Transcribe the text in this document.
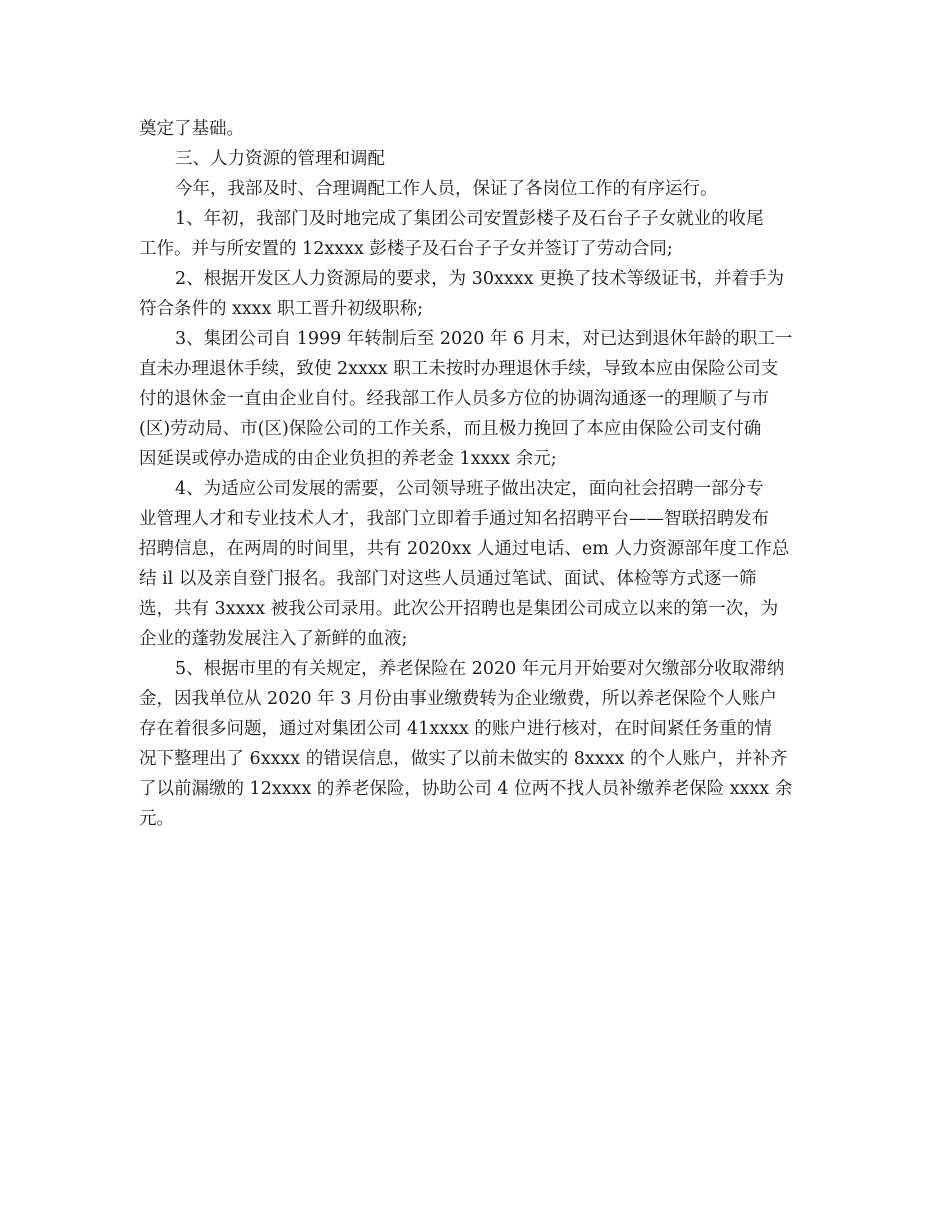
奠定了基础。
三、人力资源的管理和调配
今年，我部及时、合理调配工作人员，保证了各岗位工作的有序运行。
1、年初，我部门及时地完成了集团公司安置彭楼子及石台子子女就业的收尾
工作。并与所安置的 12xxxx 彭楼子及石台子子女并签订了劳动合同;
2、根据开发区人力资源局的要求，为 30xxxx 更换了技术等级证书，并着手为
符合条件的 xxxx 职工晋升初级职称;
3、集团公司自 1999 年转制后至 2020 年 6 月末，对已达到退休年龄的职工一
直未办理退休手续，致使 2xxxx 职工未按时办理退休手续，导致本应由保险公司支
付的退休金一直由企业自付。经我部工作人员多方位的协调沟通逐一的理顺了与市
(区)劳动局、市(区)保险公司的工作关系，而且极力挽回了本应由保险公司支付确
因延误或停办造成的由企业负担的养老金 1xxxx 余元;
4、为适应公司发展的需要，公司领导班子做出决定，面向社会招聘一部分专
业管理人才和专业技术人才，我部门立即着手通过知名招聘平台——智联招聘发布
招聘信息，在两周的时间里，共有 2020xx 人通过电话、em 人力资源部年度工作总
结 il 以及亲自登门报名。我部门对这些人员通过笔试、面试、体检等方式逐一筛
选，共有 3xxxx 被我公司录用。此次公开招聘也是集团公司成立以来的第一次，为
企业的蓬勃发展注入了新鲜的血液;
5、根据市里的有关规定，养老保险在 2020 年元月开始要对欠缴部分收取滞纳
金，因我单位从 2020 年 3 月份由事业缴费转为企业缴费，所以养老保险个人账户
存在着很多问题，通过对集团公司 41xxxx 的账户进行核对，在时间紧任务重的情
况下整理出了 6xxxx 的错误信息，做实了以前未做实的 8xxxx 的个人账户，并补齐
了以前漏缴的 12xxxx 的养老保险，协助公司 4 位两不找人员补缴养老保险 xxxx 余
元。
